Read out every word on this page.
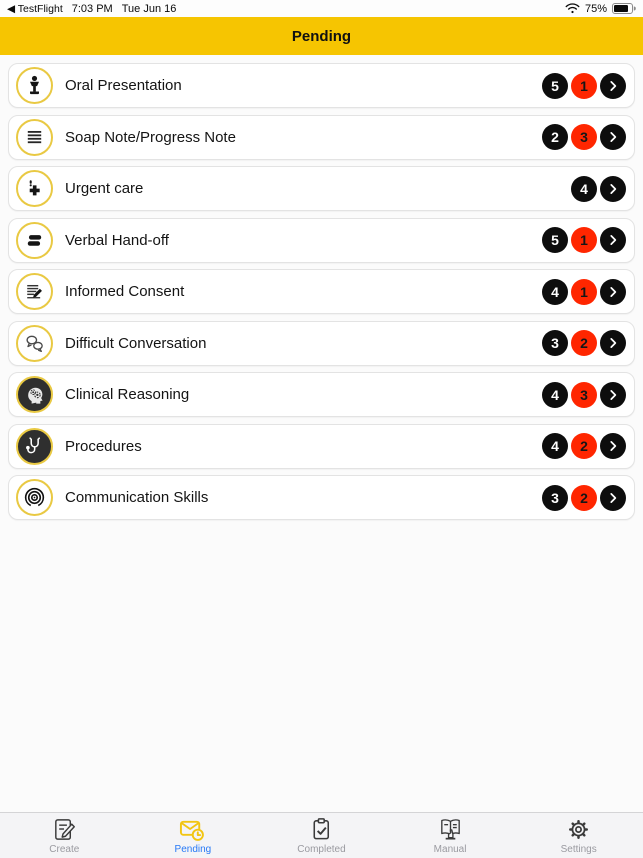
◀ TestFlight 7:03 PM Tue Jun 16	75%
Pending
Oral Presentation	5	1
Soap Note/Progress Note	2	3
Urgent care	4
Verbal Hand-off	5	1
Informed Consent	4	1
Difficult Conversation	3	2
Clinical Reasoning	4	3
Procedures	4	2
Communication Skills	3	2
Create	Pending	Completed	Manual	Settings
